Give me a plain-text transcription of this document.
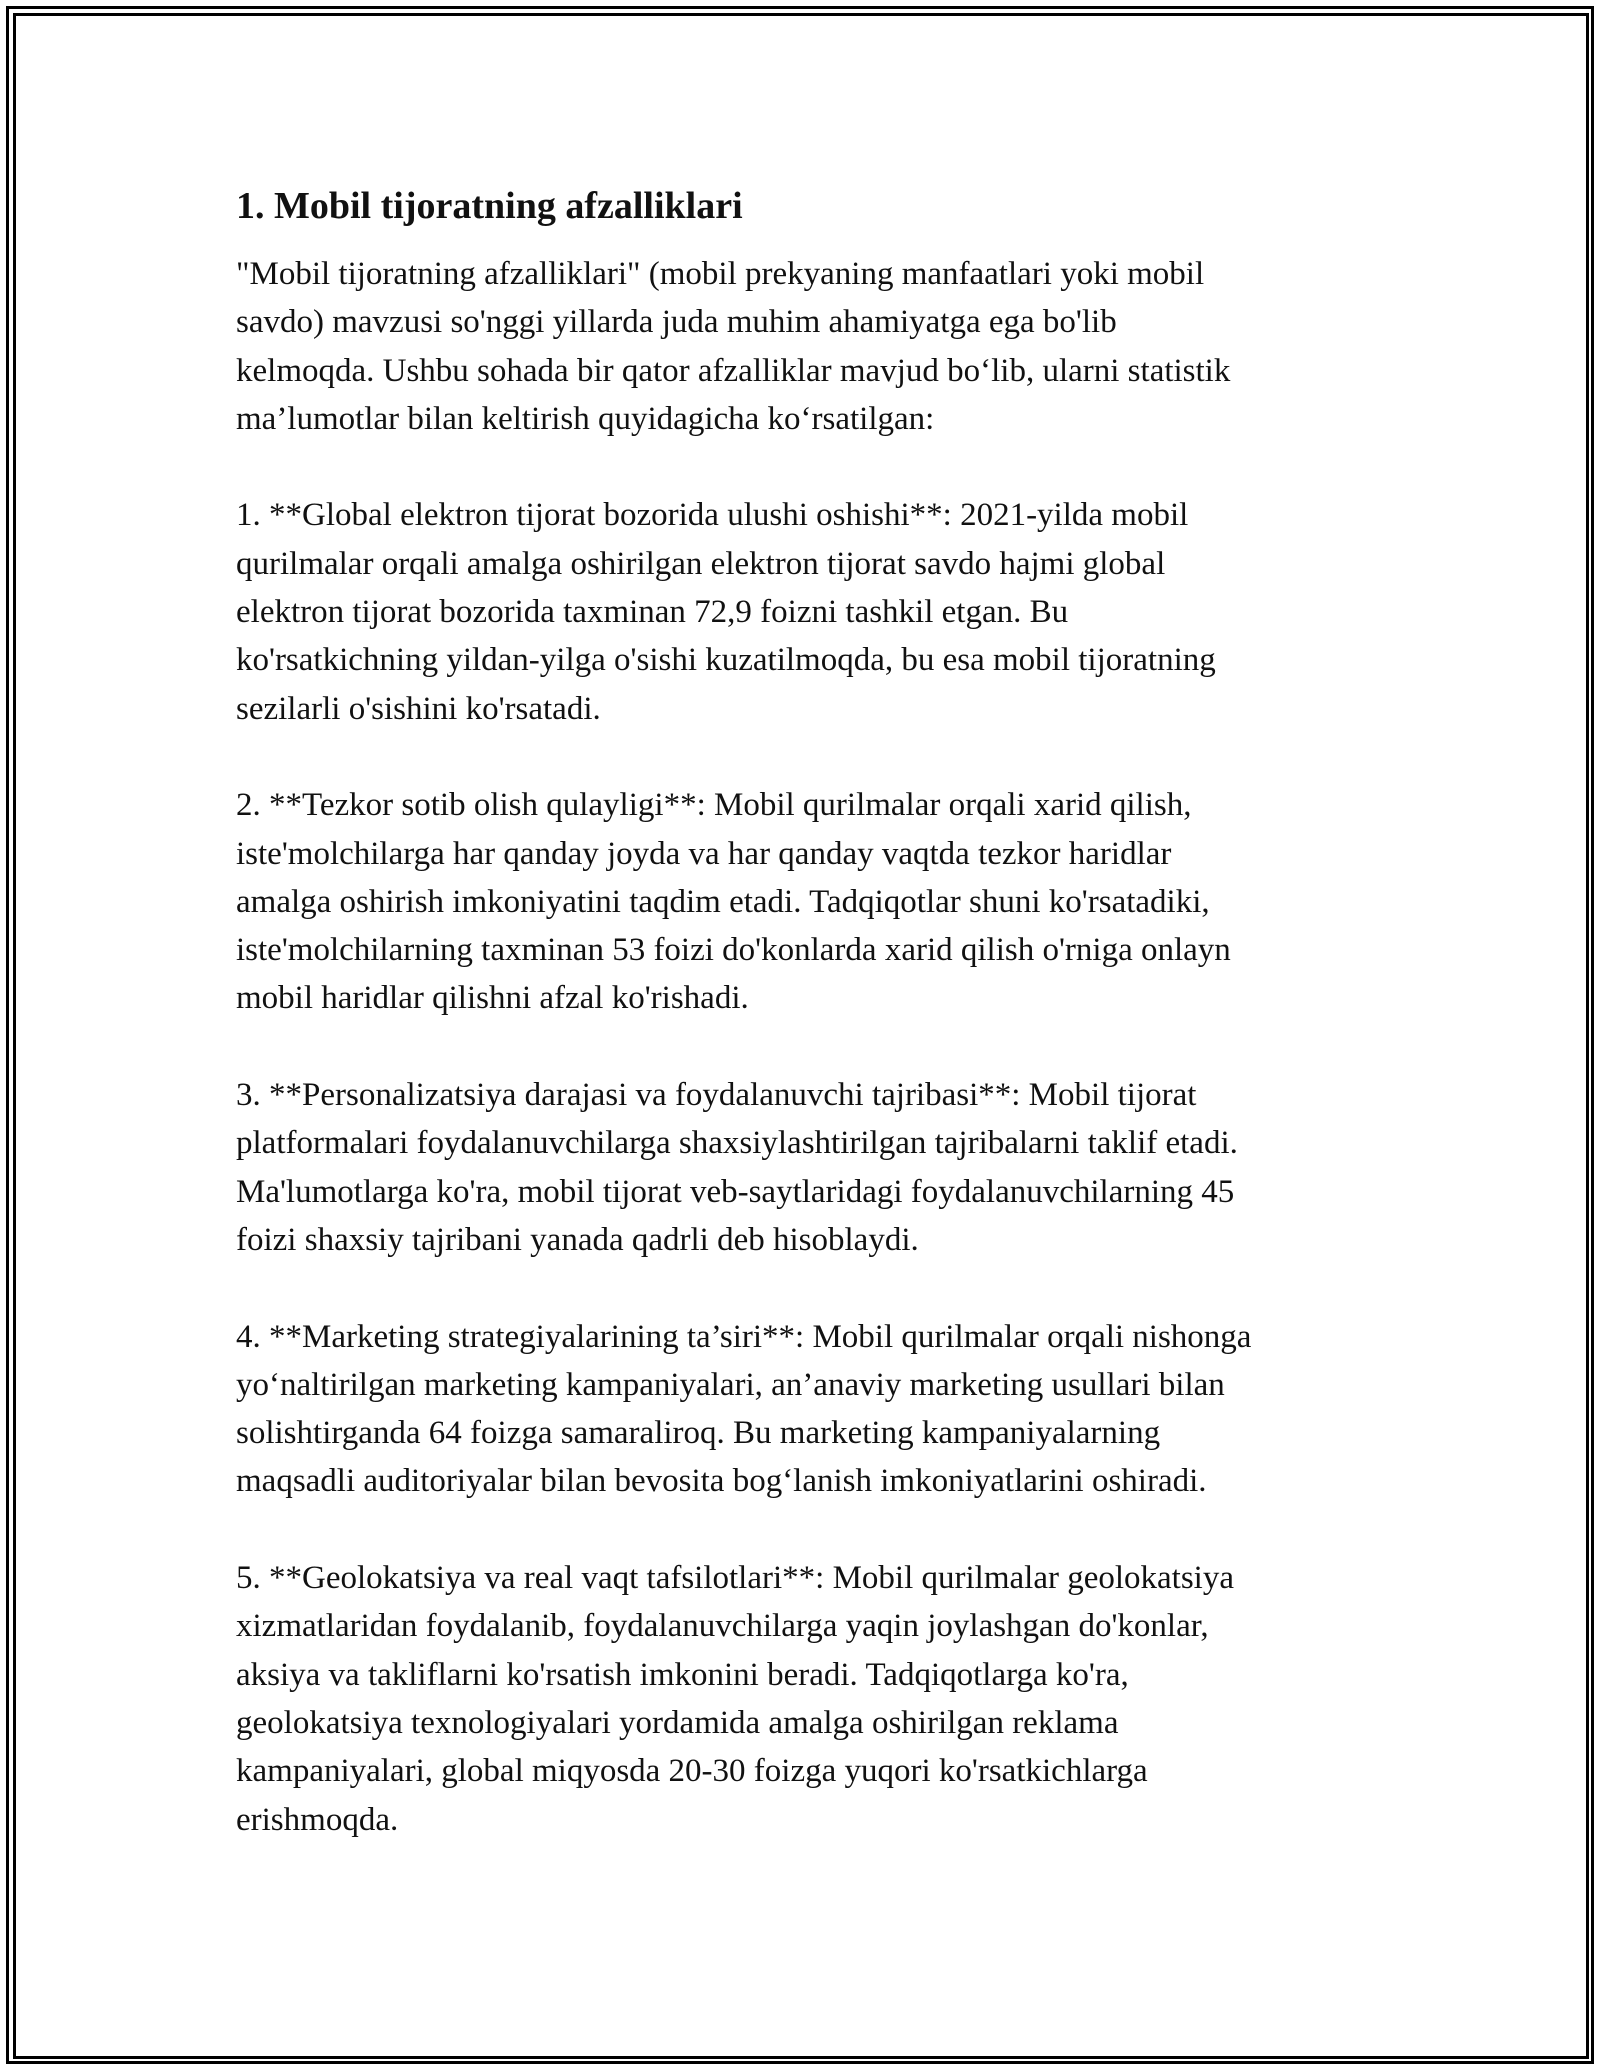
1. Mobil tijoratning afzalliklari
"Mobil tijoratning afzalliklari" (mobil prekyaning manfaatlari yoki mobil
savdo) mavzusi so'nggi yillarda juda muhim ahamiyatga ega bo'lib
kelmoqda. Ushbu sohada bir qator afzalliklar mavjud bo‘lib, ularni statistik
ma’lumotlar bilan keltirish quyidagicha ko‘rsatilgan:
1. **Global elektron tijorat bozorida ulushi oshishi**: 2021-yilda mobil
qurilmalar orqali amalga oshirilgan elektron tijorat savdo hajmi global
elektron tijorat bozorida taxminan 72,9 foizni tashkil etgan. Bu
ko'rsatkichning yildan-yilga o'sishi kuzatilmoqda, bu esa mobil tijoratning
sezilarli o'sishini ko'rsatadi.
2. **Tezkor sotib olish qulayligi**: Mobil qurilmalar orqali xarid qilish,
iste'molchilarga har qanday joyda va har qanday vaqtda tezkor haridlar
amalga oshirish imkoniyatini taqdim etadi. Tadqiqotlar shuni ko'rsatadiki,
iste'molchilarning taxminan 53 foizi do'konlarda xarid qilish o'rniga onlayn
mobil haridlar qilishni afzal ko'rishadi.
3. **Personalizatsiya darajasi va foydalanuvchi tajribasi**: Mobil tijorat
platformalari foydalanuvchilarga shaxsiylashtirilgan tajribalarni taklif etadi.
Ma'lumotlarga ko'ra, mobil tijorat veb-saytlaridagi foydalanuvchilarning 45
foizi shaxsiy tajribani yanada qadrli deb hisoblaydi.
4. **Marketing strategiyalarining ta’siri**: Mobil qurilmalar orqali nishonga
yo‘naltirilgan marketing kampaniyalari, an’anaviy marketing usullari bilan
solishtirganda 64 foizga samaraliroq. Bu marketing kampaniyalarning
maqsadli auditoriyalar bilan bevosita bog‘lanish imkoniyatlarini oshiradi.
5. **Geolokatsiya va real vaqt tafsilotlari**: Mobil qurilmalar geolokatsiya
xizmatlaridan foydalanib, foydalanuvchilarga yaqin joylashgan do'konlar,
aksiya va takliflarni ko'rsatish imkonini beradi. Tadqiqotlarga ko'ra,
geolokatsiya texnologiyalari yordamida amalga oshirilgan reklama
kampaniyalari, global miqyosda 20-30 foizga yuqori ko'rsatkichlarga
erishmoqda.
